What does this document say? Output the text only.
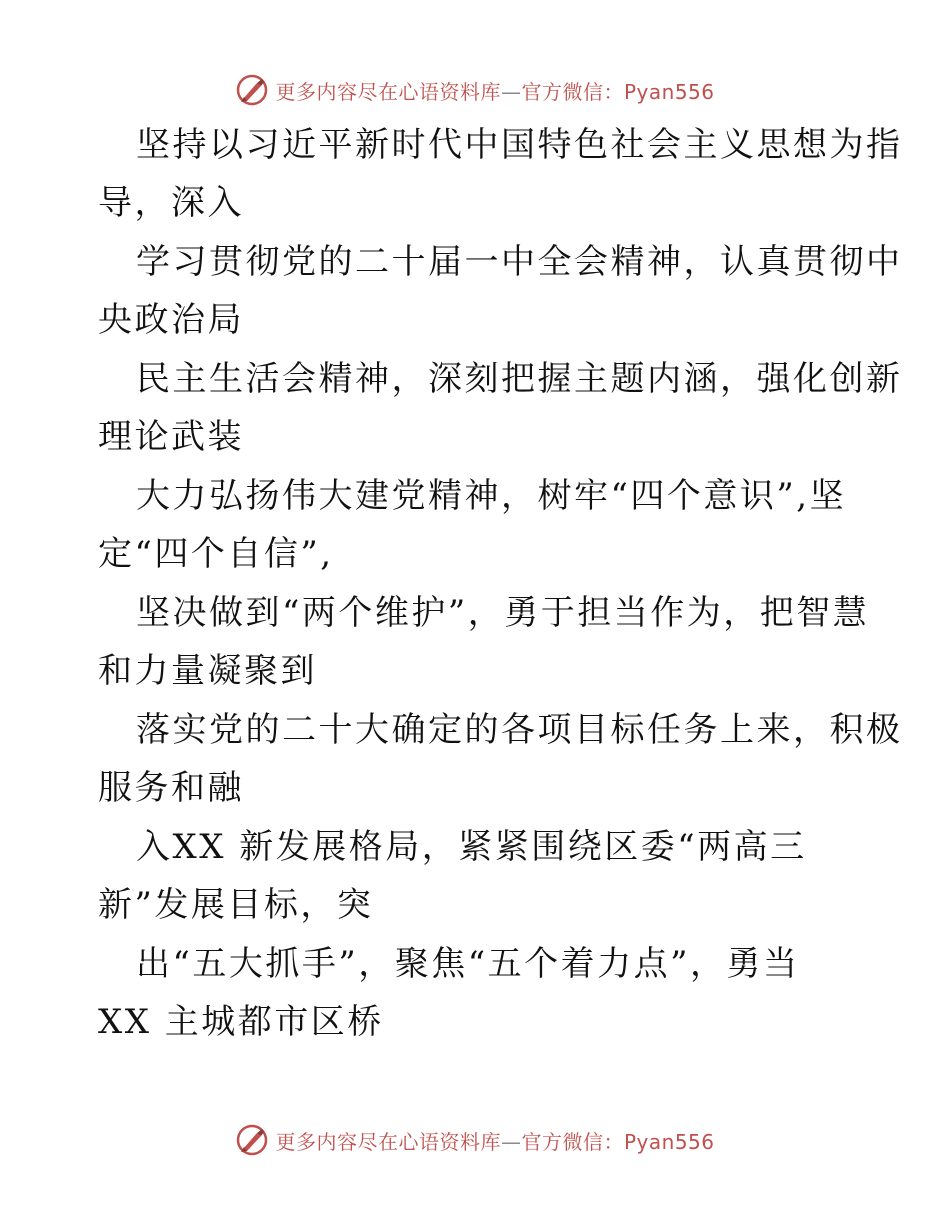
更多内容尽在心语资料库—官方微信：Pyan556
坚持以习近平新时代中国特色社会主义思想为指
导，深入
学习贯彻党的二十届一中全会精神，认真贯彻中
央政治局
民主生活会精神，深刻把握主题内涵，强化创新
理论武装
大力弘扬伟大建党精神，树牢“四个意识”,坚
定“四个自信”,
坚决做到“两个维护”，勇于担当作为，把智慧
和力量凝聚到
落实党的二十大确定的各项目标任务上来，积极
服务和融
入XX 新发展格局，紧紧围绕区委“两高三
新”发展目标，突
出“五大抓手”，聚焦“五个着力点”，勇当
XX 主城都市区桥
更多内容尽在心语资料库—官方微信：Pyan556
